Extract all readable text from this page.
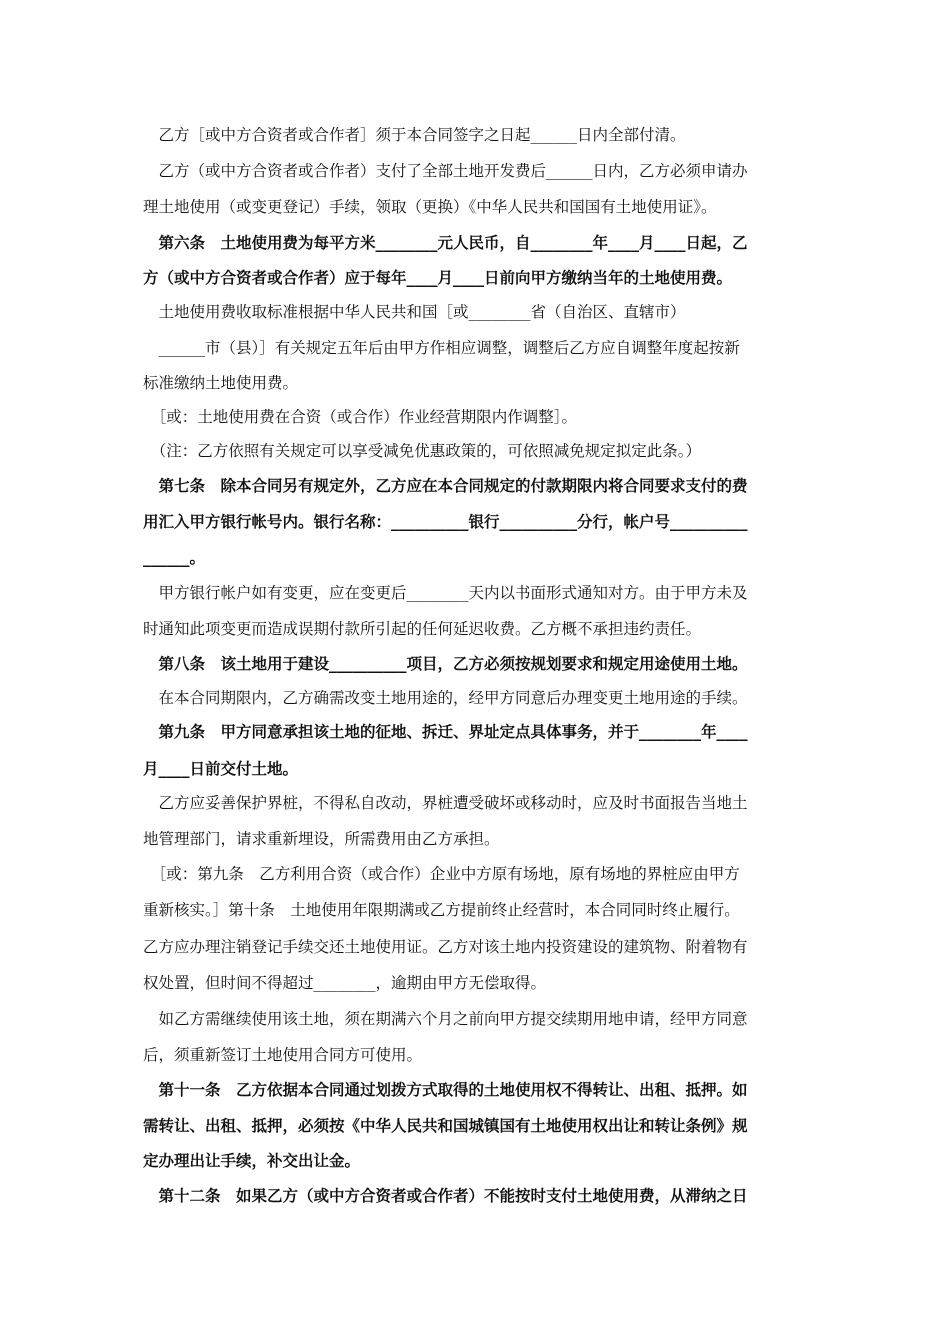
　乙方［或中方合资者或合作者］须于本合同签字之日起______日内全部付清。
　乙方（或中方合资者或合作者）支付了全部土地开发费后______日内，乙方必须申请办
理土地使用（或变更登记）手续，领取（更换）《中华人民共和国国有土地使用证》。
　第六条　土地使用费为每平方米________元人民币，自________年____月____日起，乙
方（或中方合资者或合作者）应于每年____月____日前向甲方缴纳当年的土地使用费。
　土地使用费收取标准根据中华人民共和国［或________省（自治区、直辖市）
　______市（县）］有关规定五年后由甲方作相应调整，调整后乙方应自调整年度起按新
标准缴纳土地使用费。
　［或：土地使用费在合资（或合作）作业经营期限内作调整］。
　（注：乙方依照有关规定可以享受减免优惠政策的，可依照减免规定拟定此条。）
　第七条　除本合同另有规定外，乙方应在本合同规定的付款期限内将合同要求支付的费
用汇入甲方银行帐号内。银行名称：__________银行__________分行，帐户号__________
______。
　甲方银行帐户如有变更，应在变更后________天内以书面形式通知对方。由于甲方未及
时通知此项变更而造成误期付款所引起的任何延迟收费。乙方概不承担违约责任。
　第八条　该土地用于建设__________项目，乙方必须按规划要求和规定用途使用土地。
　在本合同期限内，乙方确需改变土地用途的，经甲方同意后办理变更土地用途的手续。
　第九条　甲方同意承担该土地的征地、拆迁、界址定点具体事务，并于________年____
月____日前交付土地。
　乙方应妥善保护界桩，不得私自改动，界桩遭受破坏或移动时，应及时书面报告当地土
地管理部门，请求重新埋设，所需费用由乙方承担。
　［或：第九条　乙方利用合资（或合作）企业中方原有场地，原有场地的界桩应由甲方
重新核实。］第十条　土地使用年限期满或乙方提前终止经营时，本合同同时终止履行。
乙方应办理注销登记手续交还土地使用证。乙方对该土地内投资建设的建筑物、附着物有
权处置，但时间不得超过________，逾期由甲方无偿取得。
　如乙方需继续使用该土地，须在期满六个月之前向甲方提交续期用地申请，经甲方同意
后，须重新签订土地使用合同方可使用。
　第十一条　乙方依据本合同通过划拨方式取得的土地使用权不得转让、出租、抵押。如
需转让、出租、抵押，必须按《中华人民共和国城镇国有土地使用权出让和转让条例》规
定办理出让手续，补交出让金。
　第十二条　如果乙方（或中方合资者或合作者）不能按时支付土地使用费，从滞纳之日
